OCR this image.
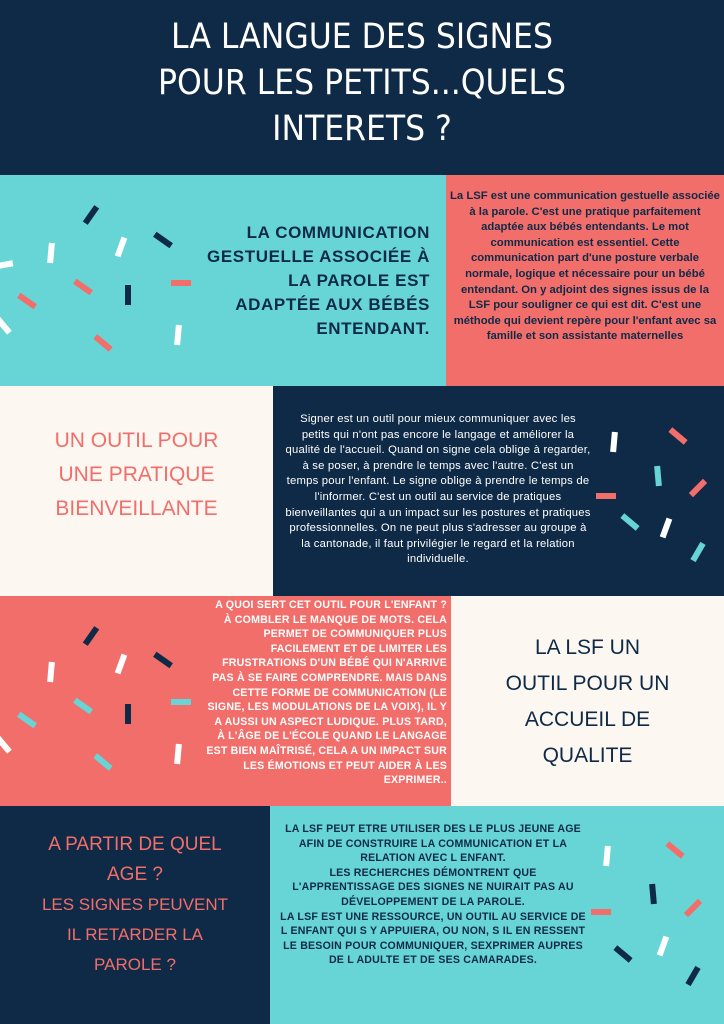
LA LANGUE DES SIGNES
POUR LES PETITS...QUELS
INTERETS ?

LA COMMUNICATION

GESTUELLE ASSOCIÉE À

LA PAROLE EST

ADAPTÉE AUX BÉBÉS

ENTENDANT.

La LSF est une communication gestuelle associée à la parole. C'est une pratique parfaitement adaptée aux bébés entendants. Le mot communication est essentiel. Cette communication part d'une posture verbale normale, logique et nécessaire pour un bébé entendant. On y adjoint des signes issus de la LSF pour souligner ce qui est dit. C'est une méthode qui devient repère pour l'enfant avec sa famille et son assistante maternelles

UN OUTIL POUR

UNE PRATIQUE

BIENVEILLANTE

Signer est un outil pour mieux communiquer avec les petits qui n'ont pas encore le langage et améliorer la qualité de l'accueil. Quand on signe cela oblige à regarder, à se poser, à prendre le temps avec l'autre. C'est un temps pour l'enfant. Le signe oblige à prendre le temps de l'informer. C'est un outil au service de pratiques bienveillantes qui a un impact sur les postures et pratiques professionnelles. On ne peut plus s'adresser au groupe à la cantonade, il faut privilégier le regard et la relation individuelle.

A QUOI SERT CET OUTIL POUR L'ENFANT ? À COMBLER LE MANQUE DE MOTS. CELA PERMET DE COMMUNIQUER PLUS FACILEMENT ET DE LIMITER LES FRUSTRATIONS D'UN BÉBÉ QUI N'ARRIVE PAS À SE FAIRE COMPRENDRE. MAIS DANS CETTE FORME DE COMMUNICATION (LE SIGNE, LES MODULATIONS DE LA VOIX), IL Y A AUSSI UN ASPECT LUDIQUE. PLUS TARD, À L'ÂGE DE L'ÉCOLE QUAND LE LANGAGE EST BIEN MAÎTRISÉ, CELA A UN IMPACT SUR LES ÉMOTIONS ET PEUT AIDER À LES EXPRIMER..

LA LSF UN

OUTIL POUR UN

ACCUEIL DE

QUALITE

A PARTIR DE QUEL

AGE ?

LES SIGNES PEUVENT

IL RETARDER LA

PAROLE ?

LA LSF PEUT ETRE UTILISER DES LE PLUS JEUNE AGE AFIN DE CONSTRUIRE LA COMMUNICATION ET LA RELATION AVEC L ENFANT.

LES RECHERCHES DÉMONTRENT QUE L'APPRENTISSAGE DES SIGNES NE NUIRAIT PAS AU DÉVELOPPEMENT DE LA PAROLE.

LA LSF EST UNE RESSOURCE, UN OUTIL AU SERVICE DE L ENFANT QUI S Y APPUIERA, OU NON, S IL EN RESSENT LE BESOIN POUR COMMUNIQUER, SEXPRIMER AUPRES DE L ADULTE ET DE SES CAMARADES.
